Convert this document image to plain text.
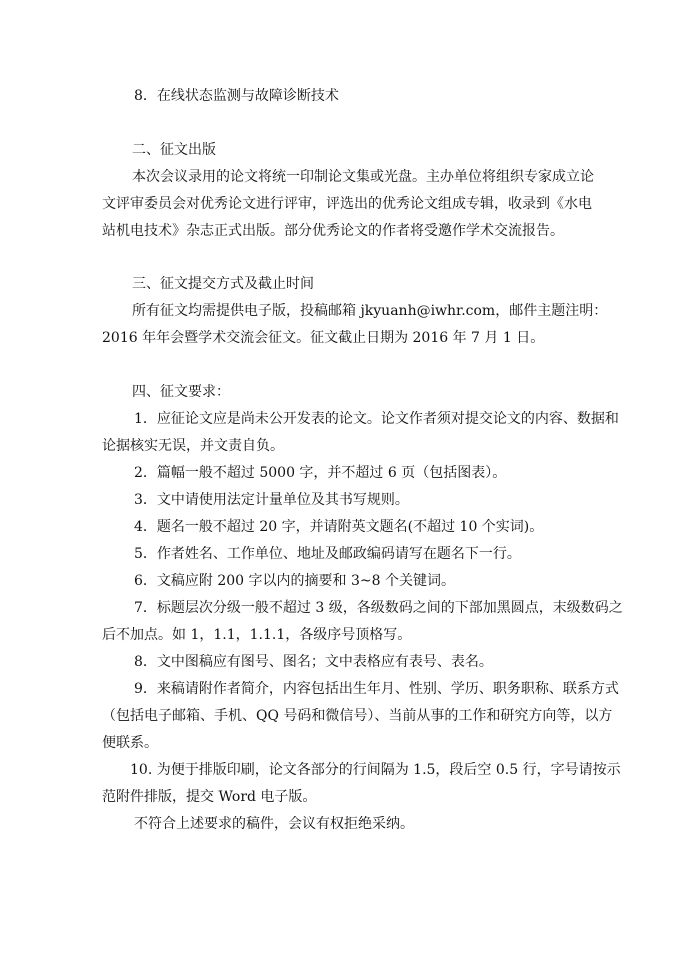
8．在线状态监测与故障诊断技术
二、征文出版
本次会议录用的论文将统一印制论文集或光盘。主办单位将组织专家成立论
文评审委员会对优秀论文进行评审，评选出的优秀论文组成专辑，收录到《水电
站机电技术》杂志正式出版。部分优秀论文的作者将受邀作学术交流报告。
三、征文提交方式及截止时间
所有征文均需提供电子版，投稿邮箱 jkyuanh@iwhr.com，邮件主题注明：
2016 年年会暨学术交流会征文。征文截止日期为 2016 年 7 月 1 日。
四、征文要求：
1．应征论文应是尚未公开发表的论文。论文作者须对提交论文的内容、数据和
论据核实无误，并文责自负。
2．篇幅一般不超过 5000 字，并不超过 6 页（包括图表）。
3．文中请使用法定计量单位及其书写规则。
4．题名一般不超过 20 字，并请附英文题名(不超过 10 个实词)。
5．作者姓名、工作单位、地址及邮政编码请写在题名下一行。
6．文稿应附 200 字以内的摘要和 3~8 个关键词。
7．标题层次分级一般不超过 3 级，各级数码之间的下部加黑圆点，末级数码之
后不加点。如 1，1.1，1.1.1，各级序号顶格写。
8．文中图稿应有图号、图名；文中表格应有表号、表名。
9．来稿请附作者简介，内容包括出生年月、性别、学历、职务职称、联系方式
（包括电子邮箱、手机、QQ 号码和微信号）、当前从事的工作和研究方向等，以方
便联系。
10. 为便于排版印刷，论文各部分的行间隔为 1.5，段后空 0.5 行，字号请按示
范附件排版，提交 Word 电子版。
不符合上述要求的稿件，会议有权拒绝采纳。
